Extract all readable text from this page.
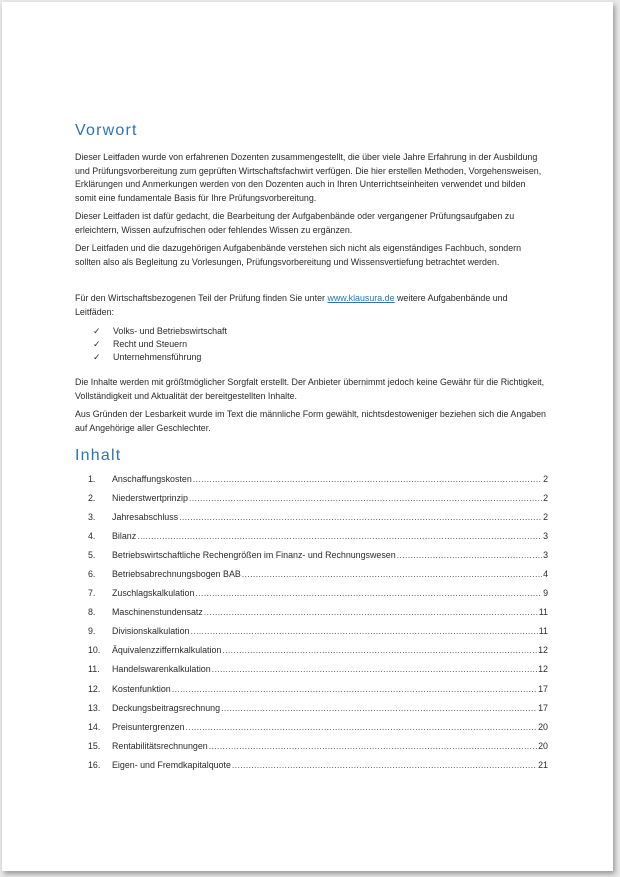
Vorwort

Dieser Leitfaden wurde von erfahrenen Dozenten zusammengestellt, die über viele Jahre Erfahrung in der Ausbildung und Prüfungsvorbereitung zum geprüften Wirtschaftsfachwirt verfügen. Die hier erstellen Methoden, Vorgehensweisen, Erklärungen und Anmerkungen werden von den Dozenten auch in Ihren Unterrichtseinheiten verwendet und bilden somit eine fundamentale Basis für Ihre Prüfungsvorbereitung.

Dieser Leitfaden ist dafür gedacht, die Bearbeitung der Aufgabenbände oder vergangener Prüfungsaufgaben zu erleichtern, Wissen aufzufrischen oder fehlendes Wissen zu ergänzen.

Der Leitfaden und die dazugehörigen Aufgabenbände verstehen sich nicht als eigenständiges Fachbuch, sondern sollten also als Begleitung zu Vorlesungen, Prüfungsvorbereitung und Wissensvertiefung betrachtet werden.

Für den Wirtschaftsbezogenen Teil der Prüfung finden Sie unter www.klausura.de weitere Aufgabenbände und Leitfäden:

✓	Volks- und Betriebswirtschaft
✓	Recht und Steuern
✓	Unternehmensführung

Die Inhalte werden mit größtmöglicher Sorgfalt erstellt. Der Anbieter übernimmt jedoch keine Gewähr für die Richtigkeit, Vollständigkeit und Aktualität der bereitgestellten Inhalte.

Aus Gründen der Lesbarkeit wurde im Text die männliche Form gewählt, nichtsdestoweniger beziehen sich die Angaben auf Angehörige aller Geschlechter.

Inhalt
1.	Anschaffungskosten .....	2
2.	Niederstwertprinzip .....	2
3.	Jahresabschluss .....	2
4.	Bilanz .....	3
5.	Betriebswirtschaftliche Rechengrößen im Finanz- und Rechnungswesen .....	3
6.	Betriebsabrechnungsbogen BAB .....	4
7.	Zuschlagskalkulation .....	9
8.	Maschinenstundensatz .....	11
9.	Divisionskalkulation .....	11
10.	Äquivalenzziffernkalkulation .....	12
11.	Handelswarenkalkulation .....	12
12.	Kostenfunktion .....	17
13.	Deckungsbeitragsrechnung .....	17
14.	Preisuntergrenzen .....	20
15.	Rentabilitätsrechnungen .....	20
16.	Eigen- und Fremdkapitalquote .....	21
